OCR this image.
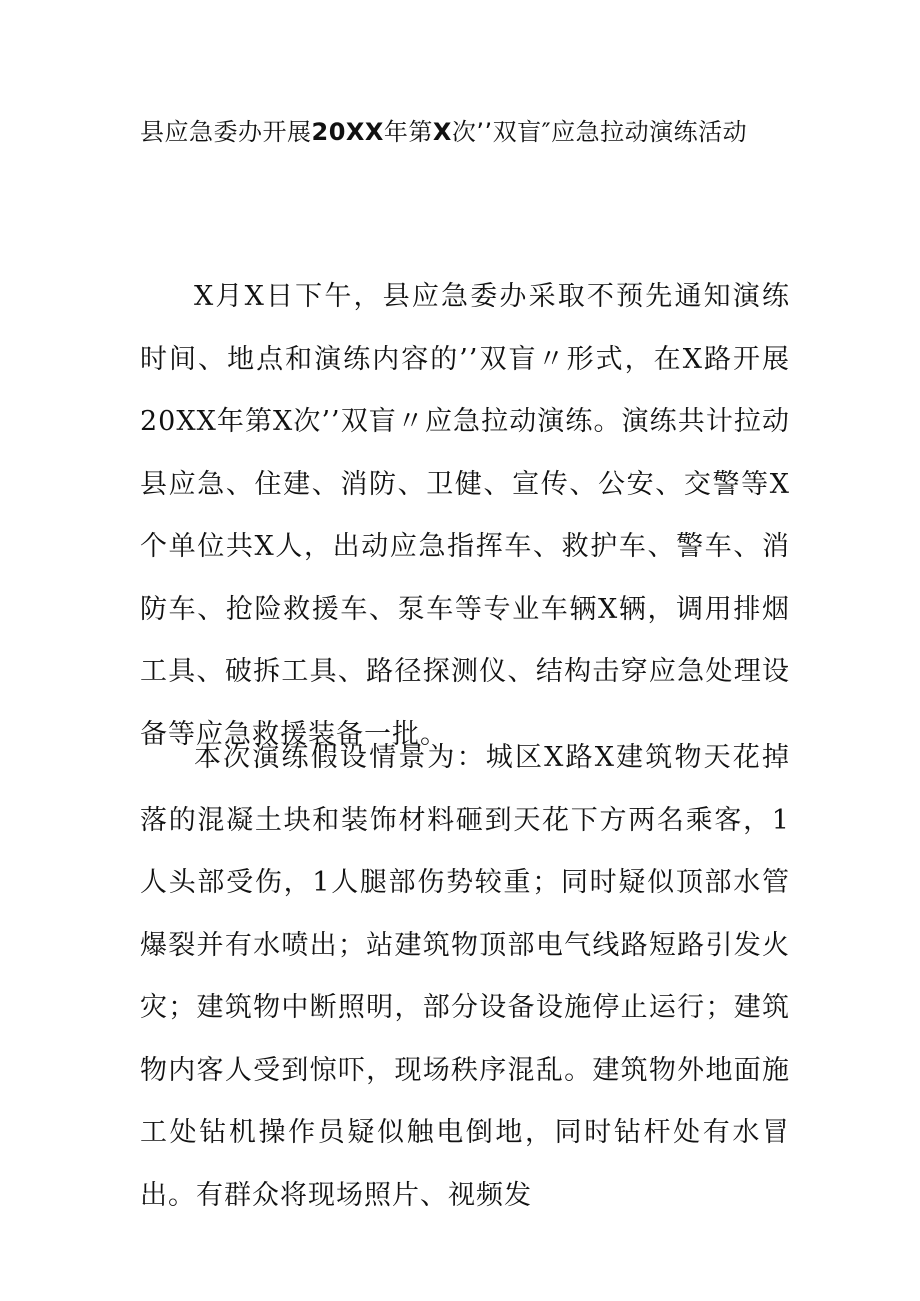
县应急委办开展20XX年第X次’’双盲″应急拉动演练活动

X月X日下午，县应急委办采取不预先通知演练时间、地点和演练内容的’’双盲〃形式，在X路开展20XX年第X次’’双盲〃应急拉动演练。演练共计拉动县应急、住建、消防、卫健、宣传、公安、交警等X个单位共X人，出动应急指挥车、救护车、警车、消防车、抢险救援车、泵车等专业车辆X辆，调用排烟工具、破拆工具、路径探测仪、结构击穿应急处理设备等应急救援装备一批。

本次演练假设情景为：城区X路X建筑物天花掉落的混凝土块和装饰材料砸到天花下方两名乘客，1人头部受伤，1人腿部伤势较重；同时疑似顶部水管爆裂并有水喷出；站建筑物顶部电气线路短路引发火灾；建筑物中断照明，部分设备设施停止运行；建筑物内客人受到惊吓，现场秩序混乱。建筑物外地面施工处钻机操作员疑似触电倒地，同时钻杆处有水冒出。有群众将现场照片、视频发
